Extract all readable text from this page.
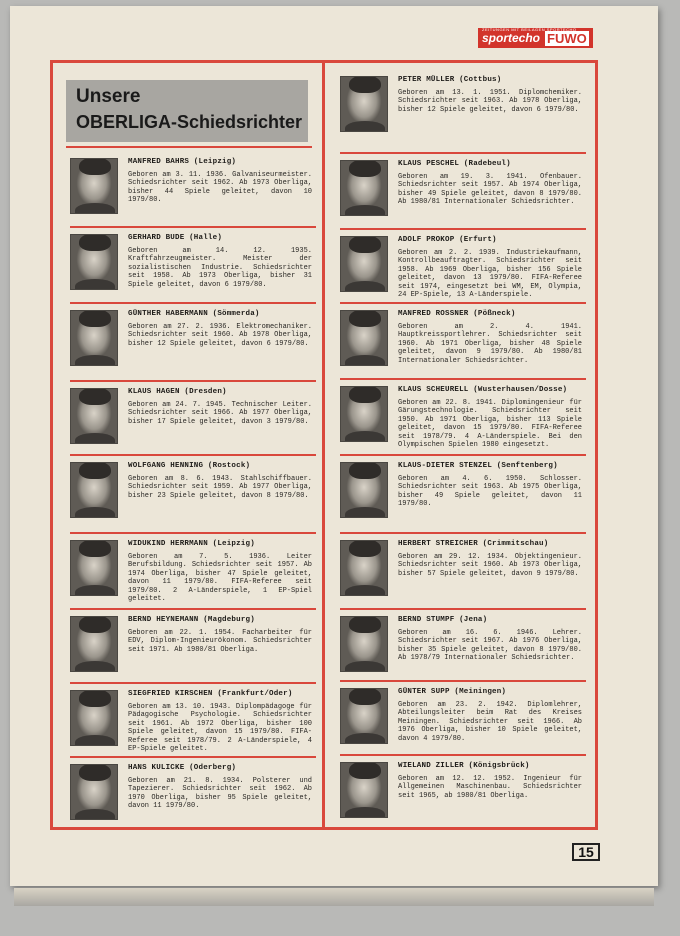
ZEITUNGEN MIT BEILAGEN SPORTECHO
sportecho FUWO
Unsere
OBERLIGA-Schiedsrichter
MANFRED BAHRS (Leipzig)
Geboren am 3. 11. 1936. Galvaniseurmeister. Schiedsrichter seit 1962. Ab 1973 Oberliga, bisher 44 Spiele geleitet, davon 10 1979/80.
GERHARD BUDE (Halle)
Geboren am 14. 12. 1935. Kraftfahrzeugmeister. Meister der sozialistischen Industrie. Schiedsrichter seit 1958. Ab 1973 Oberliga, bisher 31 Spiele geleitet, davon 6 1979/80.
GÜNTHER HABERMANN (Sömmerda)
Geboren am 27. 2. 1936. Elektromechaniker. Schiedsrichter seit 1960. Ab 1978 Oberliga, bisher 12 Spiele geleitet, davon 6 1979/80.
KLAUS HAGEN (Dresden)
Geboren am 24. 7. 1945. Technischer Leiter. Schiedsrichter seit 1966. Ab 1977 Oberliga, bisher 17 Spiele geleitet, davon 3 1979/80.
WOLFGANG HENNING (Rostock)
Geboren am 8. 6. 1943. Stahlschiffbauer. Schiedsrichter seit 1959. Ab 1977 Oberliga, bisher 23 Spiele geleitet, davon 8 1979/80.
WIDUKIND HERRMANN (Leipzig)
Geboren am 7. 5. 1936. Leiter Berufsbildung. Schiedsrichter seit 1957. Ab 1974 Oberliga, bisher 47 Spiele geleitet, davon 11 1979/80. FIFA-Referee seit 1979/80. 2 A-Länderspiele, 1 EP-Spiel geleitet.
BERND HEYNEMANN (Magdeburg)
Geboren am 22. 1. 1954. Facharbeiter für EDV, Diplom-Ingenieurökonom. Schiedsrichter seit 1971. Ab 1980/81 Oberliga.
SIEGFRIED KIRSCHEN (Frankfurt/Oder)
Geboren am 13. 10. 1943. Diplompädagoge für Pädagogische Psychologie. Schiedsrichter seit 1961. Ab 1972 Oberliga, bisher 100 Spiele geleitet, davon 15 1979/80. FIFA-Referee seit 1978/79. 2 A-Länderspiele, 4 EP-Spiele geleitet.
HANS KULICKE (Oderberg)
Geboren am 21. 8. 1934. Polsterer und Tapezierer. Schiedsrichter seit 1962. Ab 1970 Oberliga, bisher 95 Spiele geleitet, davon 11 1979/80.
PETER MÜLLER (Cottbus)
Geboren am 13. 1. 1951. Diplomchemiker. Schiedsrichter seit 1963. Ab 1978 Oberliga, bisher 12 Spiele geleitet, davon 6 1979/80.
KLAUS PESCHEL (Radebeul)
Geboren am 19. 3. 1941. Ofenbauer. Schiedsrichter seit 1957. Ab 1974 Oberliga, bisher 49 Spiele geleitet, davon 8 1979/80. Ab 1980/81 Internationaler Schiedsrichter.
ADOLF PROKOP (Erfurt)
Geboren am 2. 2. 1939. Industriekaufmann, Kontrollbeauftragter. Schiedsrichter seit 1958. Ab 1969 Oberliga, bisher 156 Spiele geleitet, davon 13 1979/80. FIFA-Referee seit 1974, eingesetzt bei WM, EM, Olympia, 24 EP-Spiele, 13 A-Länderspiele.
MANFRED ROSSNER (Pößneck)
Geboren am 2. 4. 1941. Hauptkreissportlehrer. Schiedsrichter seit 1960. Ab 1971 Oberliga, bisher 48 Spiele geleitet, davon 9 1979/80. Ab 1980/81 Internationaler Schiedsrichter.
KLAUS SCHEURELL (Wusterhausen/Dosse)
Geboren am 22. 8. 1941. Diplomingenieur für Gärungstechnologie. Schiedsrichter seit 1950. Ab 1971 Oberliga, bisher 113 Spiele geleitet, davon 15 1979/80. FIFA-Referee seit 1978/79. 4 A-Länderspiele. Bei den Olympischen Spielen 1980 eingesetzt.
KLAUS-DIETER STENZEL (Senftenberg)
Geboren am 4. 6. 1950. Schlosser. Schiedsrichter seit 1963. Ab 1975 Oberliga, bisher 49 Spiele geleitet, davon 11 1979/80.
HERBERT STREICHER (Crimmitschau)
Geboren am 29. 12. 1934. Objektingenieur. Schiedsrichter seit 1960. Ab 1973 Oberliga, bisher 57 Spiele geleitet, davon 9 1979/80.
BERND STUMPF (Jena)
Geboren am 16. 6. 1946. Lehrer. Schiedsrichter seit 1967. Ab 1976 Oberliga, bisher 35 Spiele geleitet, davon 8 1979/80. Ab 1978/79 Internationaler Schiedsrichter.
GÜNTER SUPP (Meiningen)
Geboren am 23. 2. 1942. Diplomlehrer, Abteilungsleiter beim Rat des Kreises Meiningen. Schiedsrichter seit 1966. Ab 1976 Oberliga, bisher 10 Spiele geleitet, davon 4 1979/80.
WIELAND ZILLER (Königsbrück)
Geboren am 12. 12. 1952. Ingenieur für Allgemeinen Maschinenbau. Schiedsrichter seit 1965, ab 1980/81 Oberliga.
15
